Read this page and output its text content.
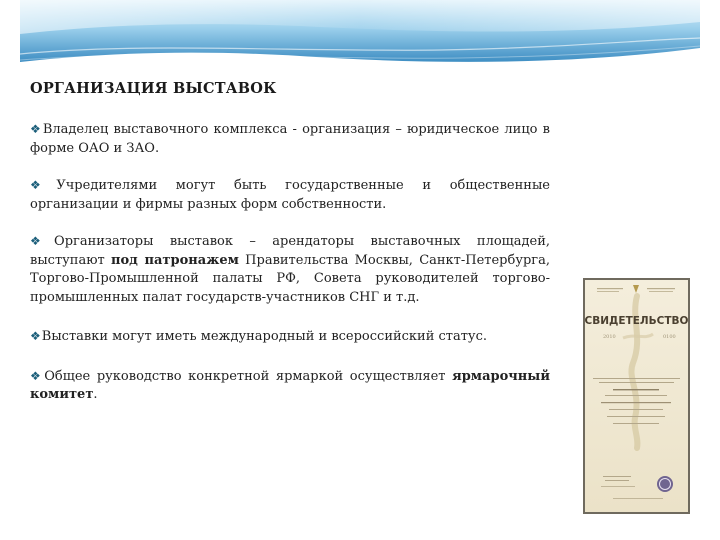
ОРГАНИЗАЦИЯ ВЫСТАВОК

❖Владелец выставочного комплекса - организация – юридическое лицо в форме ОАО и ЗАО.

❖Учредителями могут быть государственные и общественные организации и фирмы разных форм собственности.

❖Организаторы выставок – арендаторы выставочных площадей, выступают под патронажем Правительства Москвы, Санкт-Петербурга, Торгово-Промышленной палаты РФ, Совета руководителей торгово-промышленных палат государств-участников СНГ и т.д.

❖Выставки могут иметь международный и всероссийский статус.

❖Общее руководство конкретной ярмаркой осуществляет ярмарочный комитет.

СВИДЕТЕЛЬСТВО
2010	0100
